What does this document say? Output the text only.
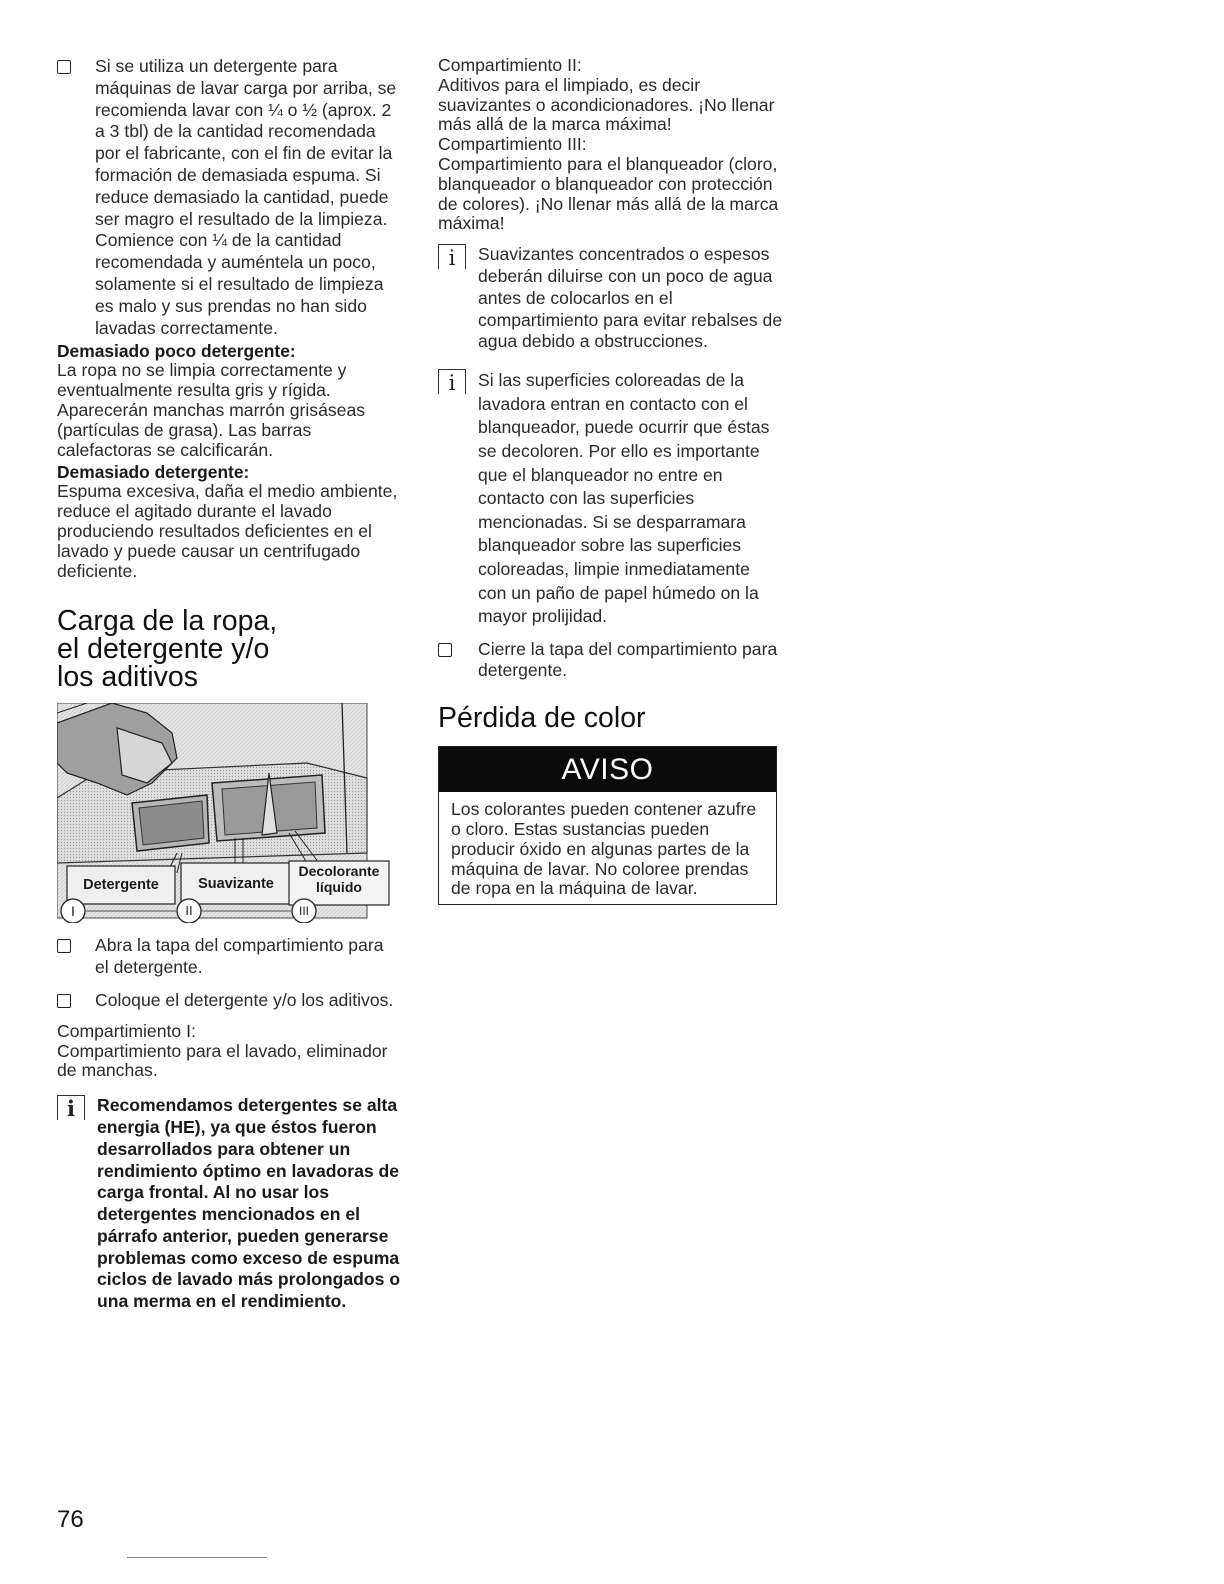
Si se utiliza un detergente para máquinas de lavar carga por arriba, se recomienda lavar con ¼ o ½ (aprox. 2 a 3 tbl) de la cantidad recomendada por el fabricante, con el fin de evitar la formación de demasiada espuma. Si reduce demasiado la cantidad, puede ser magro el resultado de la limpieza. Comience con ¼ de la cantidad recomendada y auméntela un poco, solamente si el resultado de limpieza es malo y sus prendas no han sido lavadas correctamente.
Demasiado poco detergente:
La ropa no se limpia correctamente y eventualmente resulta gris y rígida. Aparecerán manchas marrón grisáseas (partículas de grasa). Las barras calefactoras se calcificarán.
Demasiado detergente:
Espuma excesiva, daña el medio ambiente, reduce el agitado durante el lavado produciendo resultados deficientes en el lavado y puede causar un centrifugado deficiente.
Carga de la ropa,
el detergente y/o
los aditivos
Detergente	Suavizante
Decolorante
líquido
I	II	III
Abra la tapa del compartimiento para el detergente.
Coloque el detergente y/o los aditivos.
Compartimiento I:
Compartimiento para el lavado, eliminador de manchas.
i	Recomendamos detergentes se alta energia (HE), ya que éstos fueron desarrollados para obtener un rendimiento óptimo en lavadoras de carga frontal. Al no usar los detergentes mencionados en el párrafo anterior, pueden generarse problemas como exceso de espuma ciclos de lavado más prolongados o una merma en el rendimiento.
Compartimiento II:
Aditivos para el limpiado, es decir suavizantes o acondicionadores. ¡No llenar más allá de la marca máxima!
Compartimiento III:
Compartimiento para el blanqueador (cloro, blanqueador o blanqueador con protección de colores). ¡No llenar más allá de la marca máxima!
i	Suavizantes concentrados o espesos deberán diluirse con un poco de agua antes de colocarlos en el compartimiento para evitar rebalses de agua debido a obstrucciones.
i	Si las superficies coloreadas de la lavadora entran en contacto con el blanqueador, puede ocurrir que éstas se decoloren. Por ello es importante que el blanqueador no entre en contacto con las superficies mencionadas. Si se desparramara blanqueador sobre las superficies coloreadas, limpie inmediatamente con un paño de papel húmedo on la mayor prolijidad.
Cierre la tapa del compartimiento para detergente.
Pérdida de color
AVISO
Los colorantes pueden contener azufre o cloro. Estas sustancias pueden producir óxido en algunas partes de la máquina de lavar. No coloree prendas de ropa en la máquina de lavar.
76
